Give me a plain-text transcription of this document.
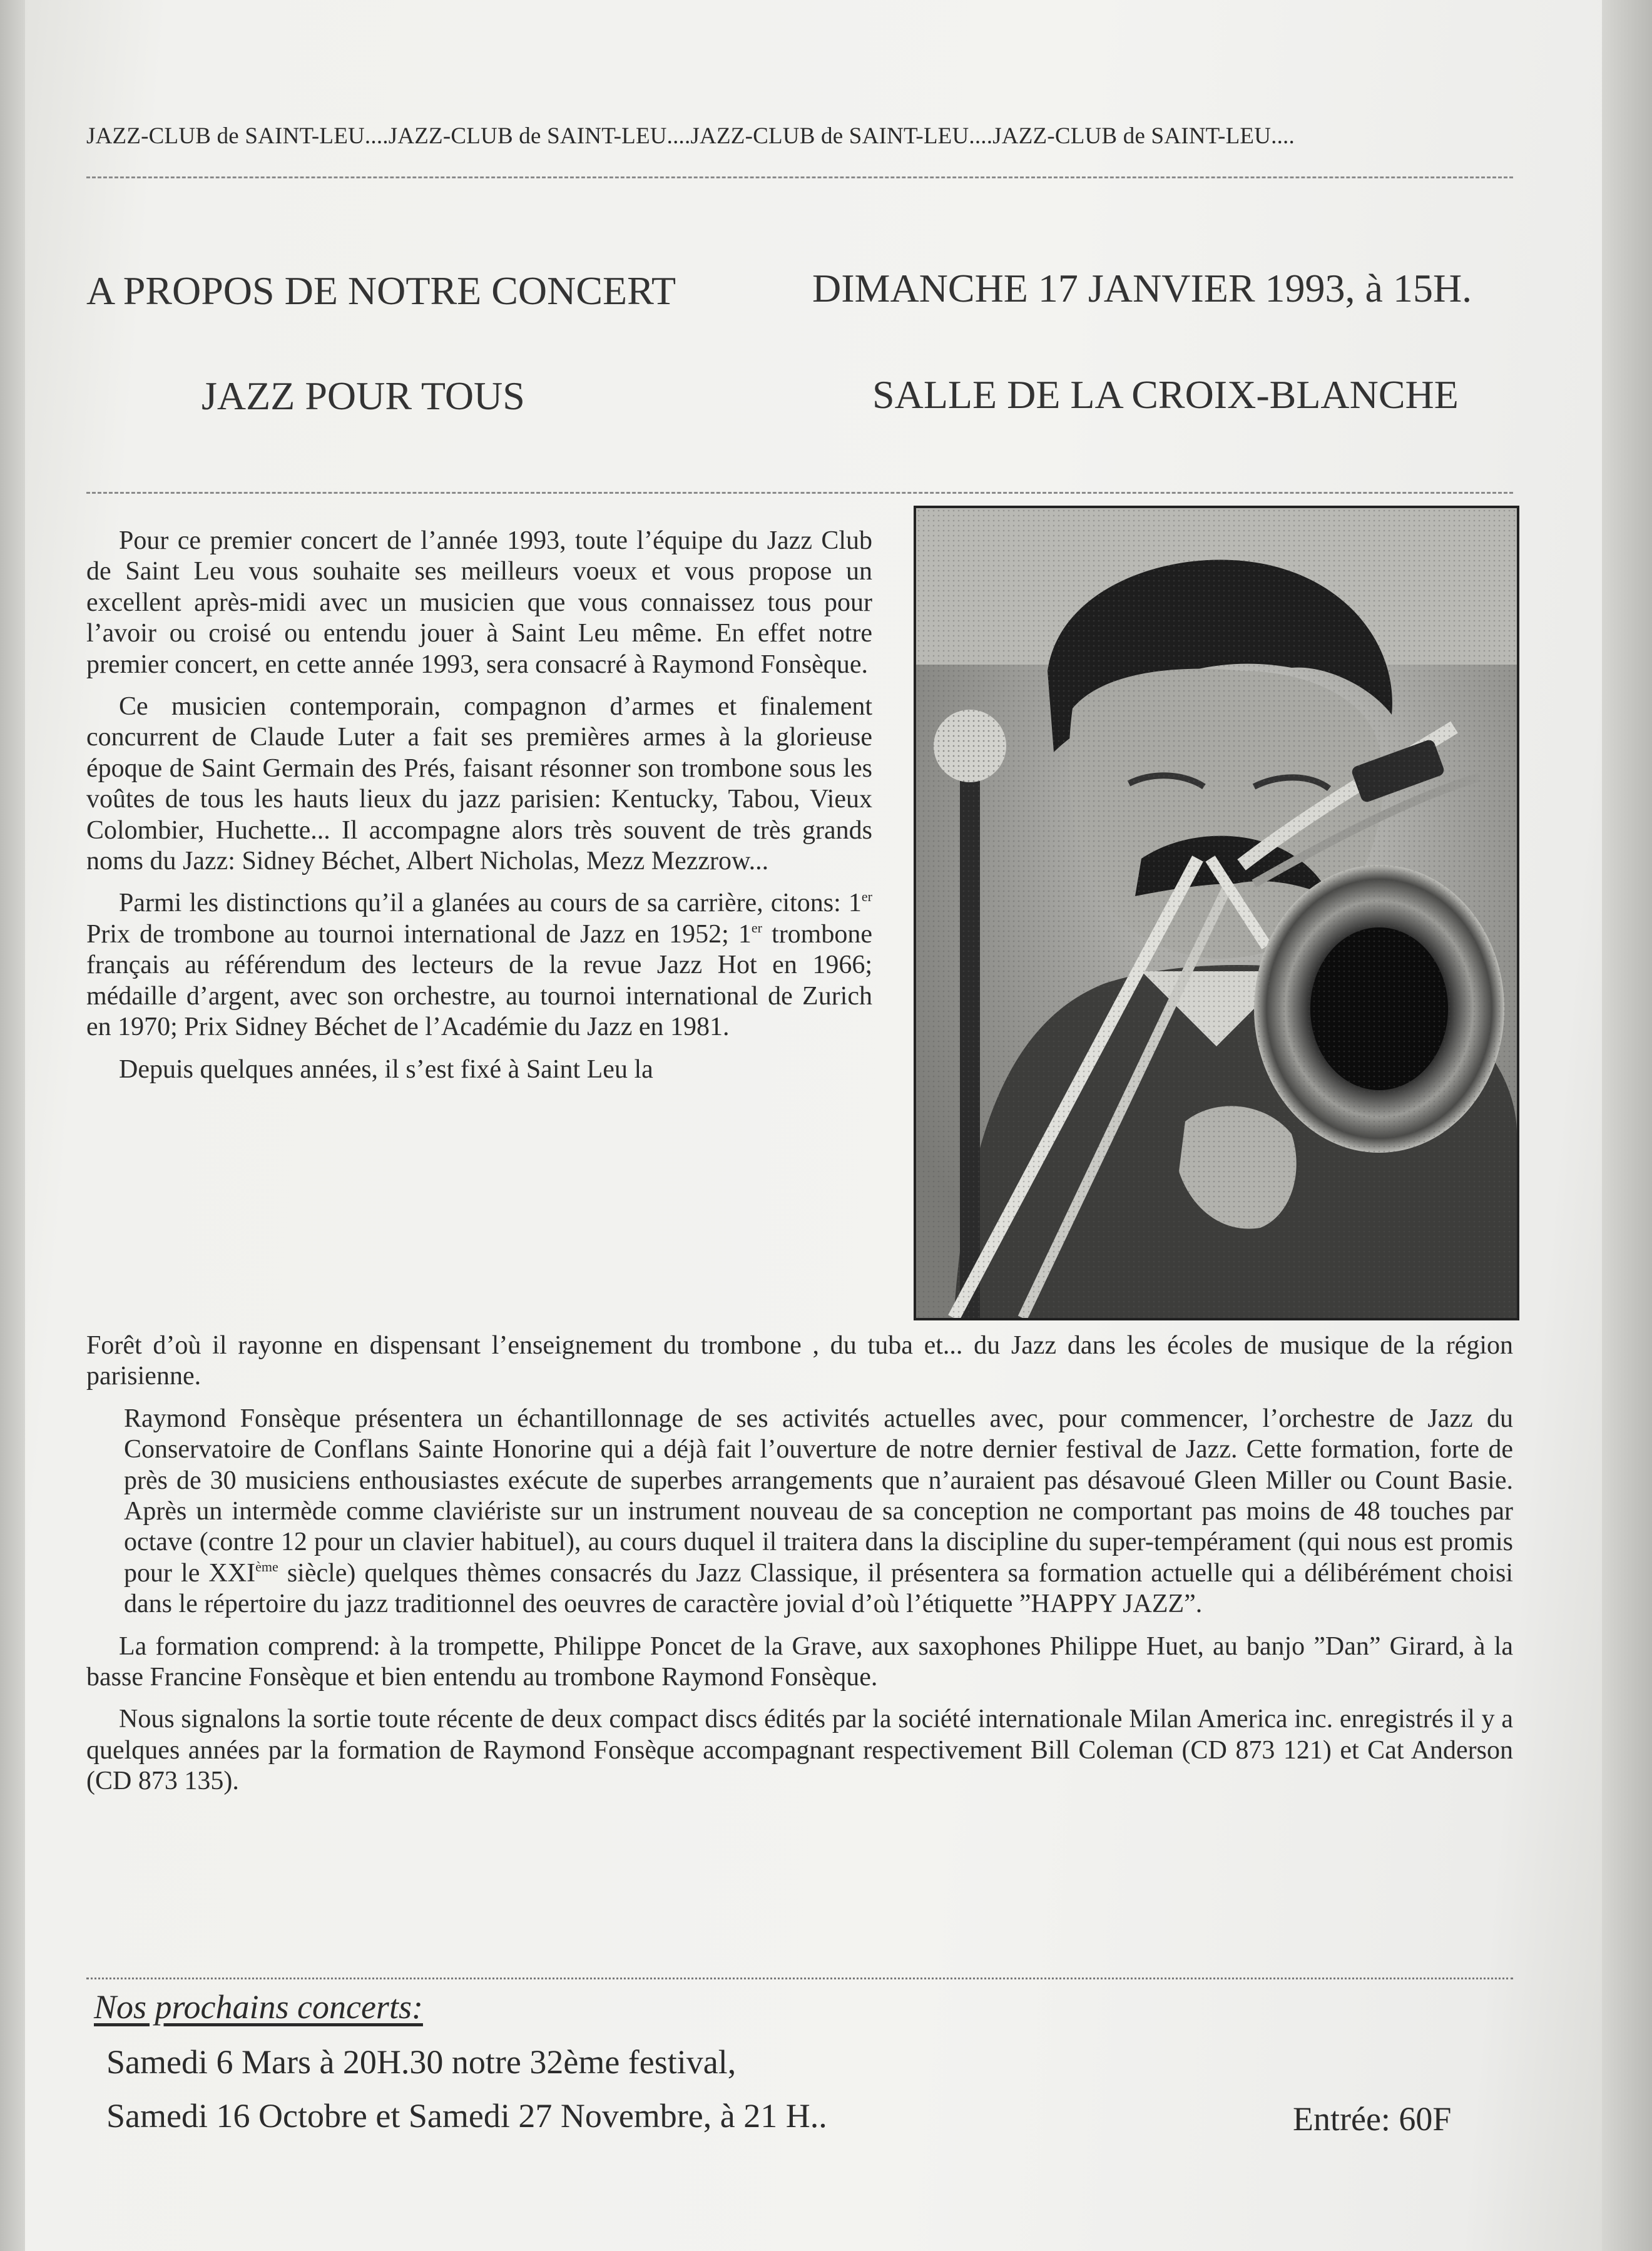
JAZZ-CLUB de SAINT-LEU....JAZZ-CLUB de SAINT-LEU....JAZZ-CLUB de SAINT-LEU....JAZZ-CLUB de SAINT-LEU....
A PROPOS DE NOTRE CONCERT	DIMANCHE 17 JANVIER 1993, à 15H.
JAZZ POUR TOUS	SALLE DE LA CROIX-BLANCHE

Pour ce premier concert de l’année 1993, toute l’équipe du Jazz Club de Saint Leu vous souhaite ses meilleurs voeux et vous propose un excellent après-midi avec un musicien que vous connaissez tous pour l’avoir ou croisé ou entendu jouer à Saint Leu même. En effet notre premier concert, en cette année 1993, sera consacré à Raymond Fonsèque.

Ce musicien contemporain, compagnon d’armes et finalement concurrent de Claude Luter a fait ses premières armes à la glorieuse époque de Saint Germain des Prés, faisant résonner son trombone sous les voûtes de tous les hauts lieux du jazz parisien: Kentucky, Tabou, Vieux Colombier, Huchette... Il accompagne alors très souvent de très grands noms du Jazz: Sidney Béchet, Albert Nicholas, Mezz Mezzrow...

Parmi les distinctions qu’il a glanées au cours de sa carrière, citons: 1er Prix de trombone au tournoi international de Jazz en 1952; 1er trombone français au référendum des lecteurs de la revue Jazz Hot en 1966; médaille d’argent, avec son orchestre, au tournoi international de Zurich en 1970; Prix Sidney Béchet de l’Académie du Jazz en 1981.

Depuis quelques années, il s’est fixé à Saint Leu la

Forêt d’où il rayonne en dispensant l’enseignement du trombone , du tuba et... du Jazz dans les écoles de musique de la région parisienne.

Raymond Fonsèque présentera un échantillonnage de ses activités actuelles avec, pour commencer, l’orchestre de Jazz du Conservatoire de Conflans Sainte Honorine qui a déjà fait l’ouverture de notre dernier festival de Jazz. Cette formation, forte de près de 30 musiciens enthousiastes exécute de superbes arrangements que n’auraient pas désavoué Gleen Miller ou Count Basie. Après un intermède comme claviériste sur un instrument nouveau de sa conception ne comportant pas moins de 48 touches par octave (contre 12 pour un clavier habituel), au cours duquel il traitera dans la discipline du super-tempérament (qui nous est promis pour le XXIème siècle) quelques thèmes consacrés du Jazz Classique, il présentera sa formation actuelle qui a délibérément choisi dans le répertoire du jazz traditionnel des oeuvres de caractère jovial d’où l’étiquette ”HAPPY JAZZ”.

La formation comprend: à la trompette, Philippe Poncet de la Grave, aux saxophones Philippe Huet, au banjo ”Dan” Girard, à la basse Francine Fonsèque et bien entendu au trombone Raymond Fonsèque.

Nous signalons la sortie toute récente de deux compact discs édités par la société internationale Milan America inc. enregistrés il y a quelques années par la formation de Raymond Fonsèque accompagnant respectivement Bill Coleman (CD 873 121) et Cat Anderson (CD 873 135).

Nos prochains concerts:
Samedi 6 Mars à 20H.30 notre 32ème festival,
Samedi 16 Octobre et Samedi 27 Novembre, à 21 H..	Entrée: 60F
